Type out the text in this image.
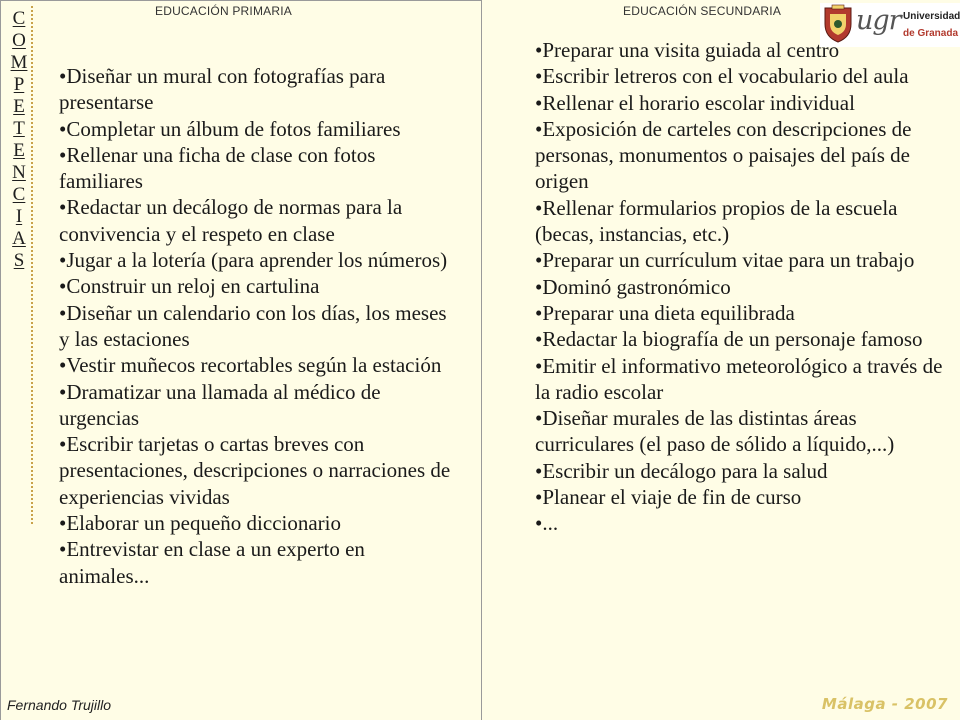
EDUCACIÓN PRIMARIA	EDUCACIÓN SECUNDARIA
C
O
M
P
E
T
E
N
C
I
A
S
ugr Universidad
de Granada
• Diseñar un mural con fotografías para presentarse
• Completar un álbum de fotos familiares
• Rellenar una ficha de clase con fotos familiares
• Redactar un decálogo de normas para la convivencia y el respeto en clase
• Jugar a la lotería (para aprender los números)
• Construir un reloj en cartulina
• Diseñar un calendario con los días, los meses y las estaciones
• Vestir muñecos recortables según la estación
• Dramatizar una llamada al médico de urgencias
• Escribir tarjetas o cartas breves con presentaciones, descripciones o narraciones de experiencias vividas
• Elaborar un pequeño diccionario
• Entrevistar en clase a un experto en animales...
• Preparar una visita guiada al centro
• Escribir letreros con el vocabulario del aula
• Rellenar el horario escolar individual
• Exposición de carteles con descripciones de personas, monumentos o paisajes del país de origen
• Rellenar formularios propios de la escuela (becas, instancias, etc.)
• Preparar un currículum vitae para un trabajo
• Dominó gastronómico
• Preparar una dieta equilibrada
• Redactar la biografía de un personaje famoso
• Emitir el informativo meteorológico a través de la radio escolar
• Diseñar murales de las distintas áreas curriculares (el paso de sólido a líquido,...)
• Escribir un decálogo para la salud
• Planear el viaje de fin de curso
• ...
Fernando Trujillo	Málaga - 2007
